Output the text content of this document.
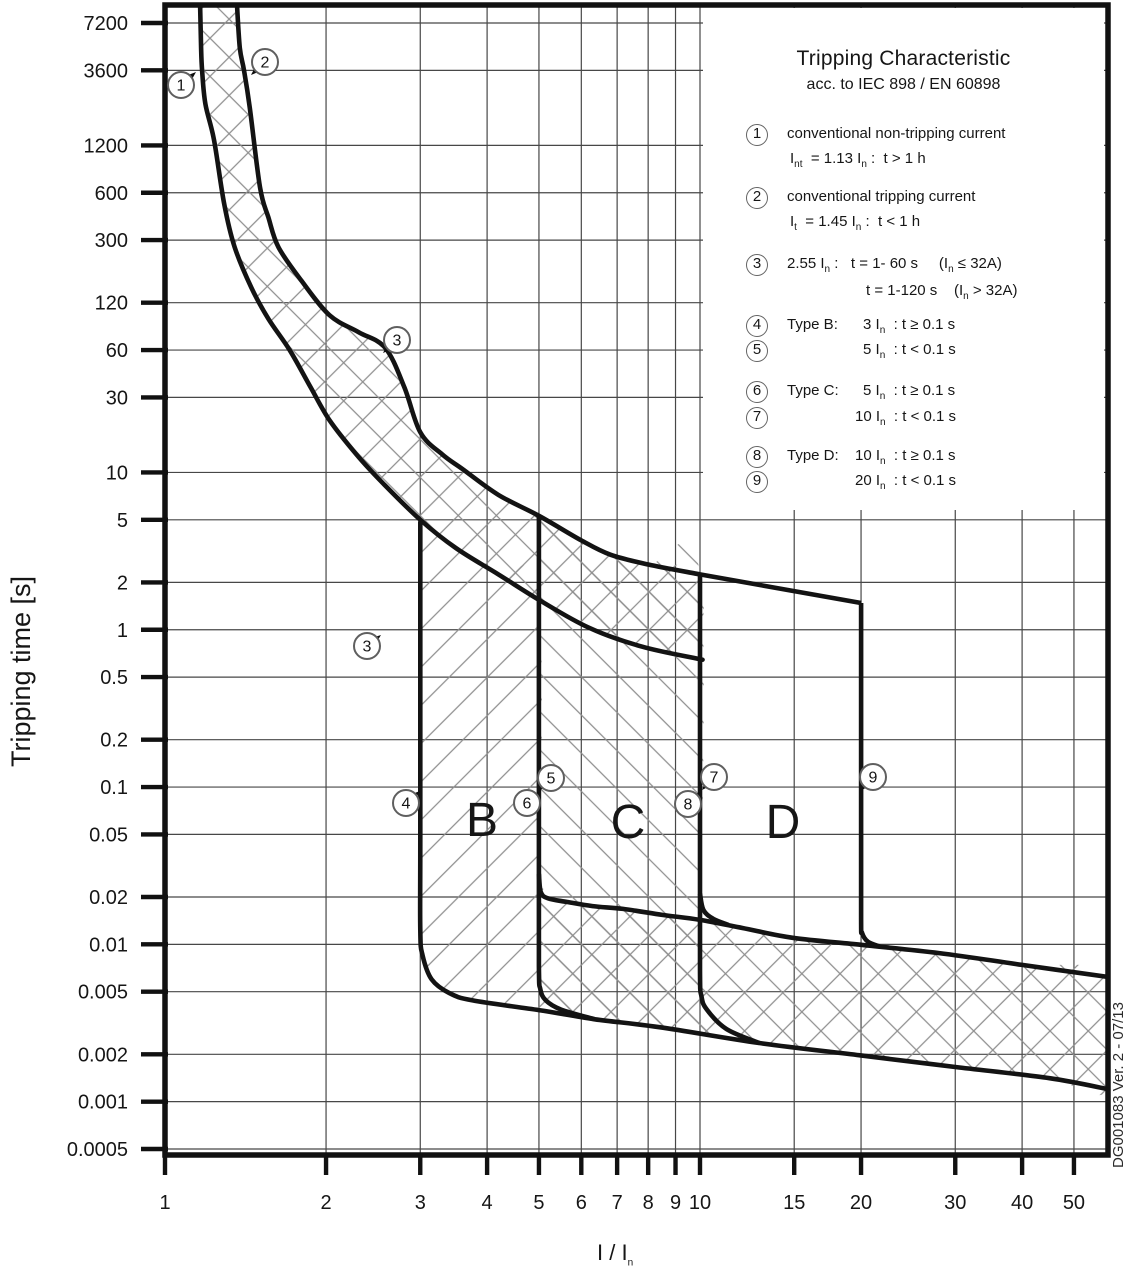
7200
3600
1200
600
300
120
60
30
10
5
2
1
0.5
0.2
0.1
0.05
0.02
0.01
0.005
0.002
0.001
0.0005
1	2	3	4 5 6 7 8 9 10	15 20	30 40 50
B C	D
1
2
3
3
4
5
6
7
8
9
Tripping Characteristic
acc. to IEC 898 / EN 60898
1	conventional non-tripping current
$I_{nt} = 1.13$ $I_n$ :  t > 1 h
2	conventional tripping current
$I_t = 1.45$ $I_n$ :  t < 1 h
3	2.55 $I_n$ :   t = 1- 60 s     $(I_n \le 32A)$
t = 1-120 s    $(I_n > 32A)$
4	Type B: 3 $I_n$  : t ≥ 0.1 s
5	5 $I_n$  : t < 0.1 s
6	Type C: 5 $I_n$  : t ≥ 0.1 s
7	10 $I_n$  : t < 0.1 s
8	Type D: 10 $I_n$  : t ≥ 0.1 s
9	20 $I_n$  : t < 0.1 s
Tripping time [s]
I / $I_n$
DG001083 Ver. 2 - 07/13
